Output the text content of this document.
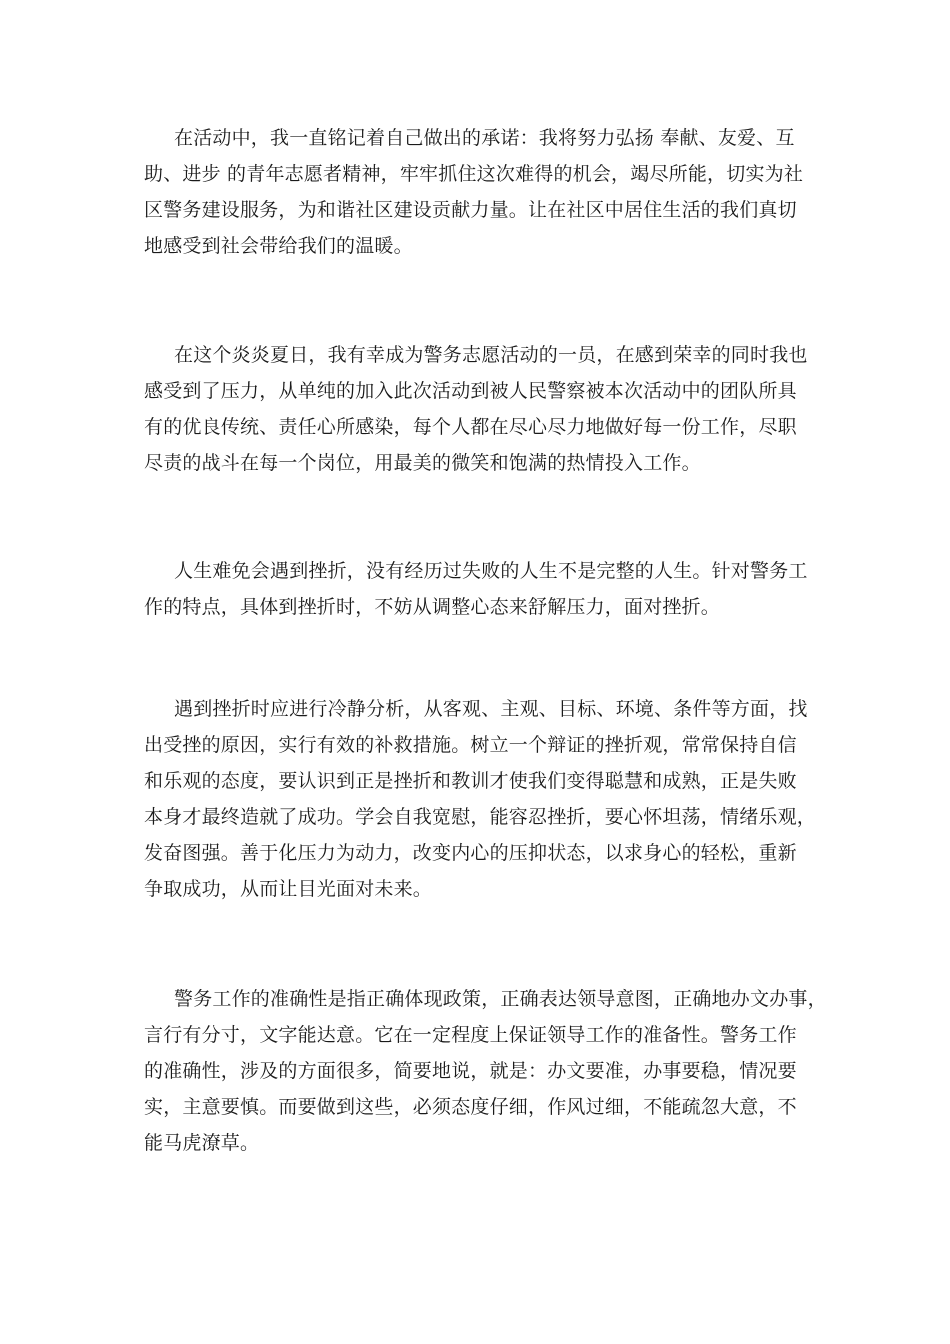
在活动中，我一直铭记着自己做出的承诺：我将努力弘扬 奉献、友爱、互
助、进步 的青年志愿者精神，牢牢抓住这次难得的机会，竭尽所能，切实为社
区警务建设服务，为和谐社区建设贡献力量。让在社区中居住生活的我们真切
地感受到社会带给我们的温暖。
在这个炎炎夏日，我有幸成为警务志愿活动的一员，在感到荣幸的同时我也
感受到了压力，从单纯的加入此次活动到被人民警察被本次活动中的团队所具
有的优良传统、责任心所感染，每个人都在尽心尽力地做好每一份工作，尽职
尽责的战斗在每一个岗位，用最美的微笑和饱满的热情投入工作。
人生难免会遇到挫折，没有经历过失败的人生不是完整的人生。针对警务工
作的特点，具体到挫折时，不妨从调整心态来舒解压力，面对挫折。
遇到挫折时应进行冷静分析，从客观、主观、目标、环境、条件等方面，找
出受挫的原因，实行有效的补救措施。树立一个辩证的挫折观，常常保持自信
和乐观的态度，要认识到正是挫折和教训才使我们变得聪慧和成熟，正是失败
本身才最终造就了成功。学会自我宽慰，能容忍挫折，要心怀坦荡，情绪乐观，
发奋图强。善于化压力为动力，改变内心的压抑状态，以求身心的轻松，重新
争取成功，从而让目光面对未来。
警务工作的准确性是指正确体现政策，正确表达领导意图，正确地办文办事，
言行有分寸，文字能达意。它在一定程度上保证领导工作的准备性。警务工作
的准确性，涉及的方面很多，简要地说，就是：办文要准，办事要稳，情况要
实，主意要慎。而要做到这些，必须态度仔细，作风过细，不能疏忽大意，不
能马虎潦草。
